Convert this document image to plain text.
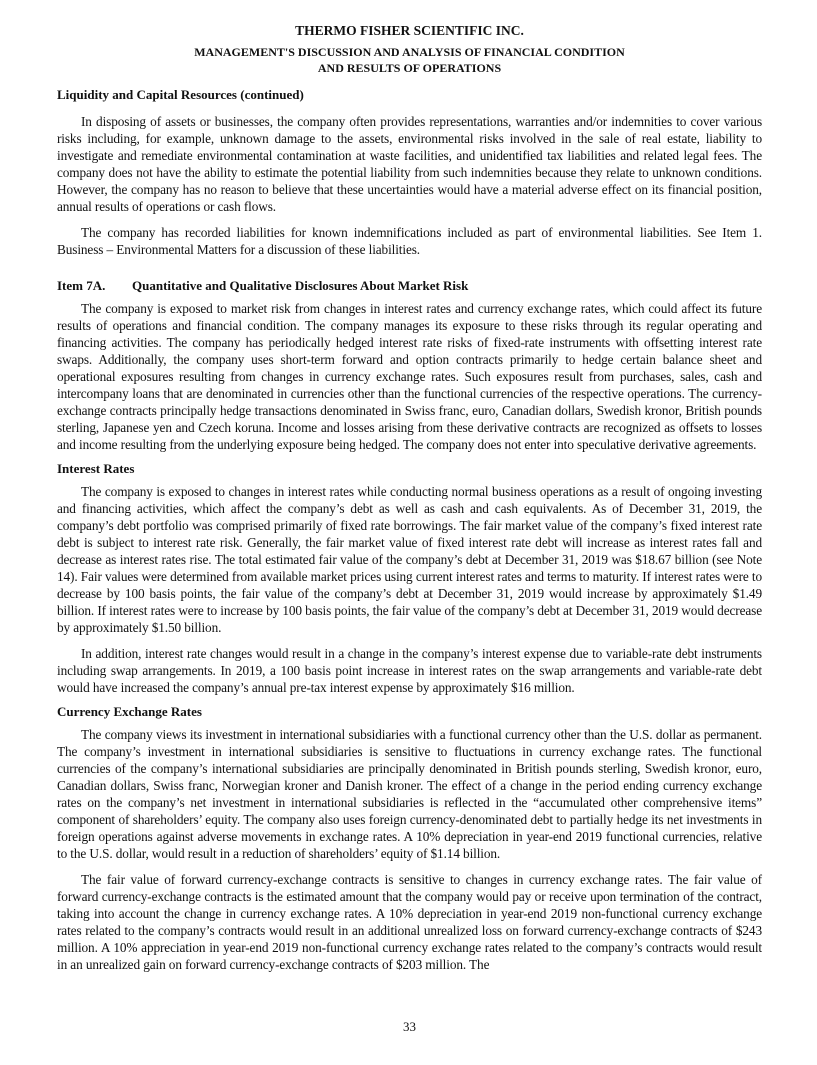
THERMO FISHER SCIENTIFIC INC.
MANAGEMENT'S DISCUSSION AND ANALYSIS OF FINANCIAL CONDITION
AND RESULTS OF OPERATIONS

Liquidity and Capital Resources (continued)

In disposing of assets or businesses, the company often provides representations, warranties and/or indemnities to cover various risks including, for example, unknown damage to the assets, environmental risks involved in the sale of real estate, liability to investigate and remediate environmental contamination at waste facilities, and unidentified tax liabilities and related legal fees. The company does not have the ability to estimate the potential liability from such indemnities because they relate to unknown conditions. However, the company has no reason to believe that these uncertainties would have a material adverse effect on its financial position, annual results of operations or cash flows.

The company has recorded liabilities for known indemnifications included as part of environmental liabilities. See Item 1. Business – Environmental Matters for a discussion of these liabilities.

Item 7A. Quantitative and Qualitative Disclosures About Market Risk

The company is exposed to market risk from changes in interest rates and currency exchange rates, which could affect its future results of operations and financial condition. The company manages its exposure to these risks through its regular operating and financing activities. The company has periodically hedged interest rate risks of fixed-rate instruments with offsetting interest rate swaps. Additionally, the company uses short-term forward and option contracts primarily to hedge certain balance sheet and operational exposures resulting from changes in currency exchange rates. Such exposures result from purchases, sales, cash and intercompany loans that are denominated in currencies other than the functional currencies of the respective operations. The currency-exchange contracts principally hedge transactions denominated in Swiss franc, euro, Canadian dollars, Swedish kronor, British pounds sterling, Japanese yen and Czech koruna. Income and losses arising from these derivative contracts are recognized as offsets to losses and income resulting from the underlying exposure being hedged. The company does not enter into speculative derivative agreements.

Interest Rates

The company is exposed to changes in interest rates while conducting normal business operations as a result of ongoing investing and financing activities, which affect the company’s debt as well as cash and cash equivalents. As of December 31, 2019, the company’s debt portfolio was comprised primarily of fixed rate borrowings. The fair market value of the company’s fixed interest rate debt is subject to interest rate risk. Generally, the fair market value of fixed interest rate debt will increase as interest rates fall and decrease as interest rates rise. The total estimated fair value of the company’s debt at December 31, 2019 was $18.67 billion (see Note 14). Fair values were determined from available market prices using current interest rates and terms to maturity. If interest rates were to decrease by 100 basis points, the fair value of the company’s debt at December 31, 2019 would increase by approximately $1.49 billion. If interest rates were to increase by 100 basis points, the fair value of the company’s debt at December 31, 2019 would decrease by approximately $1.50 billion.

In addition, interest rate changes would result in a change in the company’s interest expense due to variable-rate debt instruments including swap arrangements. In 2019, a 100 basis point increase in interest rates on the swap arrangements and variable-rate debt would have increased the company’s annual pre-tax interest expense by approximately $16 million.

Currency Exchange Rates

The company views its investment in international subsidiaries with a functional currency other than the U.S. dollar as permanent. The company’s investment in international subsidiaries is sensitive to fluctuations in currency exchange rates. The functional currencies of the company’s international subsidiaries are principally denominated in British pounds sterling, Swedish kronor, euro, Canadian dollars, Swiss franc, Norwegian kroner and Danish kroner. The effect of a change in the period ending currency exchange rates on the company’s net investment in international subsidiaries is reflected in the “accumulated other comprehensive items” component of shareholders’ equity. The company also uses foreign currency-denominated debt to partially hedge its net investments in foreign operations against adverse movements in exchange rates. A 10% depreciation in year-end 2019 functional currencies, relative to the U.S. dollar, would result in a reduction of shareholders’ equity of $1.14 billion.

The fair value of forward currency-exchange contracts is sensitive to changes in currency exchange rates. The fair value of forward currency-exchange contracts is the estimated amount that the company would pay or receive upon termination of the contract, taking into account the change in currency exchange rates. A 10% depreciation in year-end 2019 non-functional currency exchange rates related to the company’s contracts would result in an additional unrealized loss on forward currency-exchange contracts of $243 million. A 10% appreciation in year-end 2019 non-functional currency exchange rates related to the company’s contracts would result in an unrealized gain on forward currency-exchange contracts of $203 million. The

33
